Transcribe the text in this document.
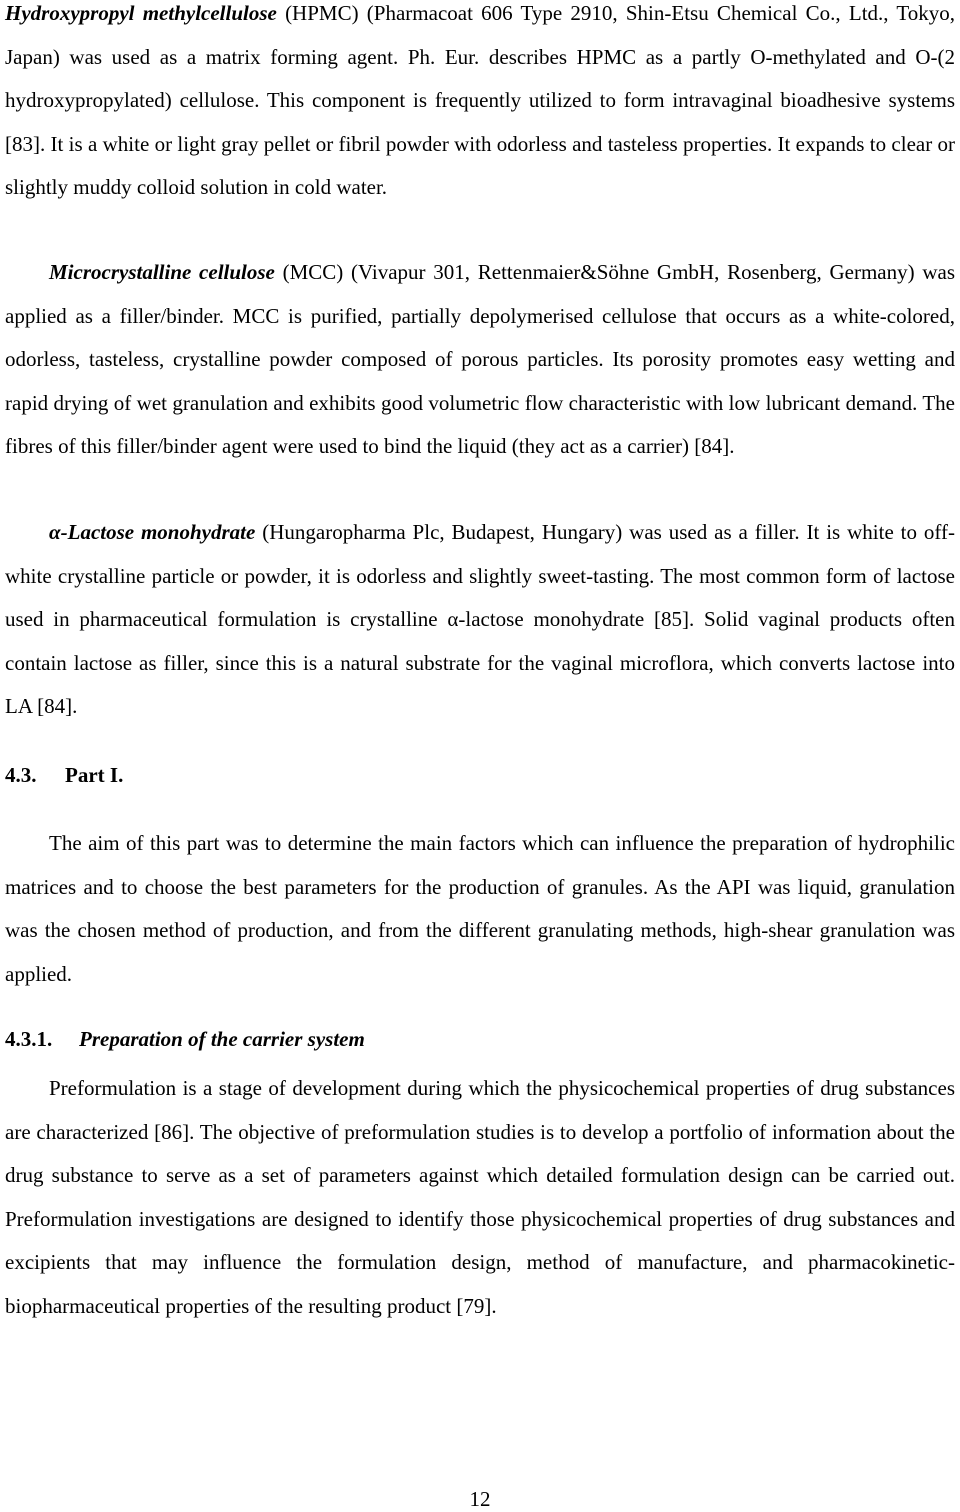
Hydroxypropyl methylcellulose (HPMC) (Pharmacoat 606 Type 2910, Shin-Etsu Chemical Co., Ltd., Tokyo, Japan) was used as a matrix forming agent. Ph. Eur. describes HPMC as a partly O-methylated and O-(2 hydroxypropylated) cellulose. This component is frequently utilized to form intravaginal bioadhesive systems [83]. It is a white or light gray pellet or fibril powder with odorless and tasteless properties. It expands to clear or slightly muddy colloid solution in cold water.

Microcrystalline cellulose (MCC) (Vivapur 301, Rettenmaier&Söhne GmbH, Rosenberg, Germany) was applied as a filler/binder. MCC is purified, partially depolymerised cellulose that occurs as a white-colored, odorless, tasteless, crystalline powder composed of porous particles. Its porosity promotes easy wetting and rapid drying of wet granulation and exhibits good volumetric flow characteristic with low lubricant demand. The fibres of this filler/binder agent were used to bind the liquid (they act as a carrier) [84].

α-Lactose monohydrate (Hungaropharma Plc, Budapest, Hungary) was used as a filler. It is white to off-white crystalline particle or powder, it is odorless and slightly sweet-tasting. The most common form of lactose used in pharmaceutical formulation is crystalline α-lactose monohydrate [85]. Solid vaginal products often contain lactose as filler, since this is a natural substrate for the vaginal microflora, which converts lactose into LA [84].

4.3. Part I.

The aim of this part was to determine the main factors which can influence the preparation of hydrophilic matrices and to choose the best parameters for the production of granules. As the API was liquid, granulation was the chosen method of production, and from the different granulating methods, high-shear granulation was applied.

4.3.1. Preparation of the carrier system

Preformulation is a stage of development during which the physicochemical properties of drug substances are characterized [86]. The objective of preformulation studies is to develop a portfolio of information about the drug substance to serve as a set of parameters against which detailed formulation design can be carried out. Preformulation investigations are designed to identify those physicochemical properties of drug substances and excipients that may influence the formulation design, method of manufacture, and pharmacokinetic-biopharmaceutical properties of the resulting product [79].

12
